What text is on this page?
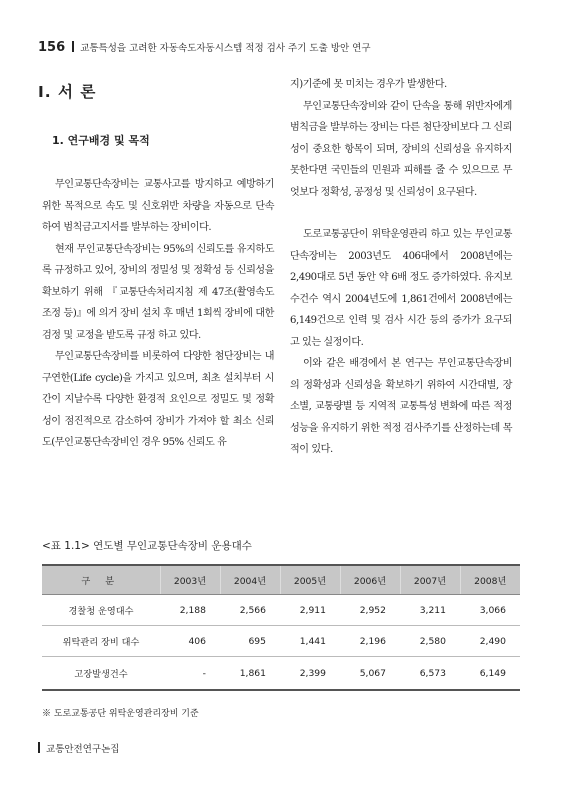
156 교통특성을 고려한 자동속도자동시스템 적정 검사 주기 도출 방안 연구
Ⅰ. 서 론
1. 연구배경 및 목적

무인교통단속장비는 교통사고를 방지하고 예방하기 위한 목적으로 속도 및 신호위반 차량을 자동으로 단속하여 범칙금고지서를 발부하는 장비이다.

현재 무인교통단속장비는 95%의 신뢰도를 유지하도록 규정하고 있어, 장비의 정밀성 및 정확성 등 신뢰성을 확보하기 위해 『교통단속처리지침 제 47조(촬영속도 조정 등)』에 의거 장비 설치 후 매년 1회씩 장비에 대한 검정 및 교정을 받도록 규정 하고 있다.

무인교통단속장비를 비롯하여 다양한 첨단장비는 내구연한(Life cycle)을 가지고 있으며, 최초 설치부터 시간이 지날수록 다양한 환경적 요인으로 정밀도 및 정확성이 점진적으로 감소하여 장비가 가져야 할 최소 신뢰도(무인교통단속장비인 경우 95% 신뢰도 유

지)기준에 못 미치는 경우가 발생한다.

무인교통단속장비와 같이 단속을 통해 위반자에게 범칙금을 발부하는 장비는 다른 첨단장비보다 그 신뢰성이 중요한 항목이 되며, 장비의 신뢰성을 유지하지 못한다면 국민들의 민원과 피해를 줄 수 있으므로 무엇보다 정확성, 공정성 및 신뢰성이 요구된다.

도로교통공단이 위탁운영관리 하고 있는 무인교통단속장비는 2003년도 406대에서 2008년에는 2,490대로 5년 동안 약 6배 정도 증가하였다. 유지보수건수 역시 2004년도에 1,861건에서 2008년에는 6,149건으로 인력 및 검사 시간 등의 증가가 요구되고 있는 실정이다.

이와 같은 배경에서 본 연구는 무인교통단속장비의 정확성과 신뢰성을 확보하기 위하여 시간대별, 장소별, 교통량별 등 지역적 교통특성 변화에 따른 적정 성능을 유지하기 위한 적정 검사주기를 산정하는데 목적이 있다.

<표 1.1> 연도별 무인교통단속장비 운용대수
구 분	2003년	2004년	2005년	2006년	2007년	2008년
경찰청 운영대수	2,188	2,566	2,911	2,952	3,211	3,066
위탁관리 장비 대수	406	695	1,441	2,196	2,580	2,490
고장발생건수	-	1,861	2,399	5,067	6,573	6,149
※ 도로교통공단 위탁운영관리장비 기준
교통안전연구논집
